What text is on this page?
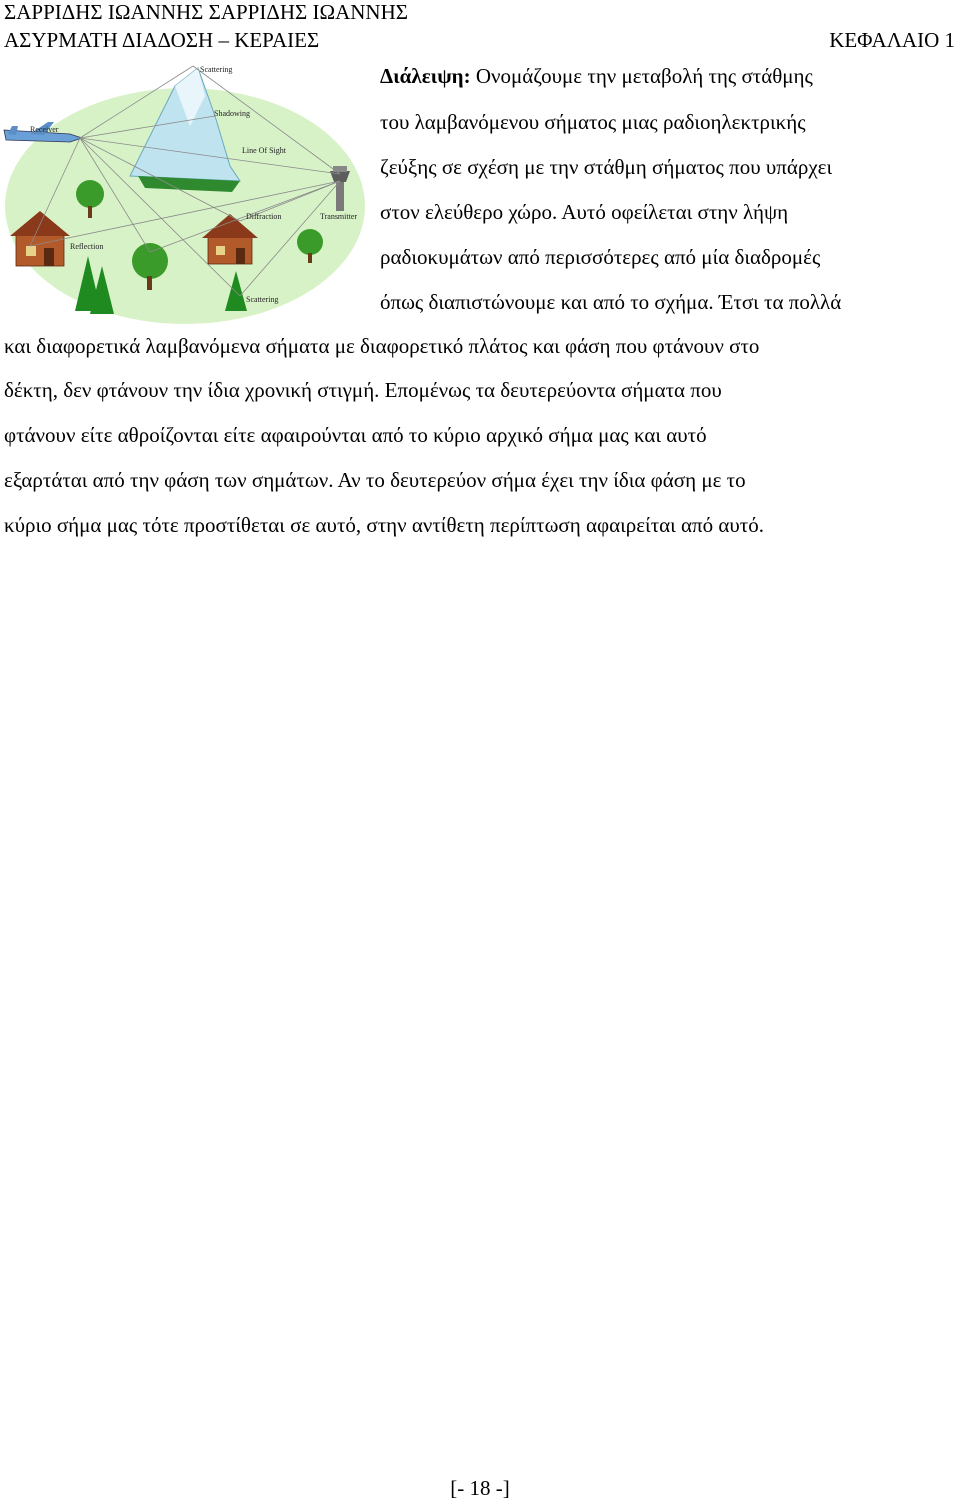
ΣΑΡΡΙΔΗΣ ΙΩΑΝΝΗΣ ΣΑΡΡΙΔΗΣ ΙΩΑΝΝΗΣ
ΑΣΥΡΜΑΤΗ ΔΙΑΔΟΣΗ – ΚΕΡΑΙΕΣ	ΚΕΦΑΛΑΙΟ 1
Scattering
Shadowing
Receiver
Line Of Sight
Diffraction	Transmitter
Reflection
Scattering
Διάλειψη: Ονομάζουμε την μεταβολή της στάθμης
του λαμβανόμενου σήματος μιας ραδιοηλεκτρικής
ζεύξης σε σχέση με την στάθμη σήματος που υπάρχει
στον ελεύθερο χώρο. Αυτό οφείλεται στην λήψη
ραδιοκυμάτων από περισσότερες από μία διαδρομές
όπως διαπιστώνουμε και από το σχήμα. Έτσι τα πολλά
και διαφορετικά λαμβανόμενα σήματα με διαφορετικό πλάτος και φάση που φτάνουν στο
δέκτη, δεν φτάνουν την ίδια χρονική στιγμή. Επομένως τα δευτερεύοντα σήματα που
φτάνουν είτε αθροίζονται είτε αφαιρούνται από το κύριο αρχικό σήμα μας και αυτό
εξαρτάται από την φάση των σημάτων. Αν το δευτερεύον σήμα έχει την ίδια φάση με το
κύριο σήμα μας τότε προστίθεται σε αυτό, στην αντίθετη περίπτωση αφαιρείται από αυτό.
[- 18 -]
